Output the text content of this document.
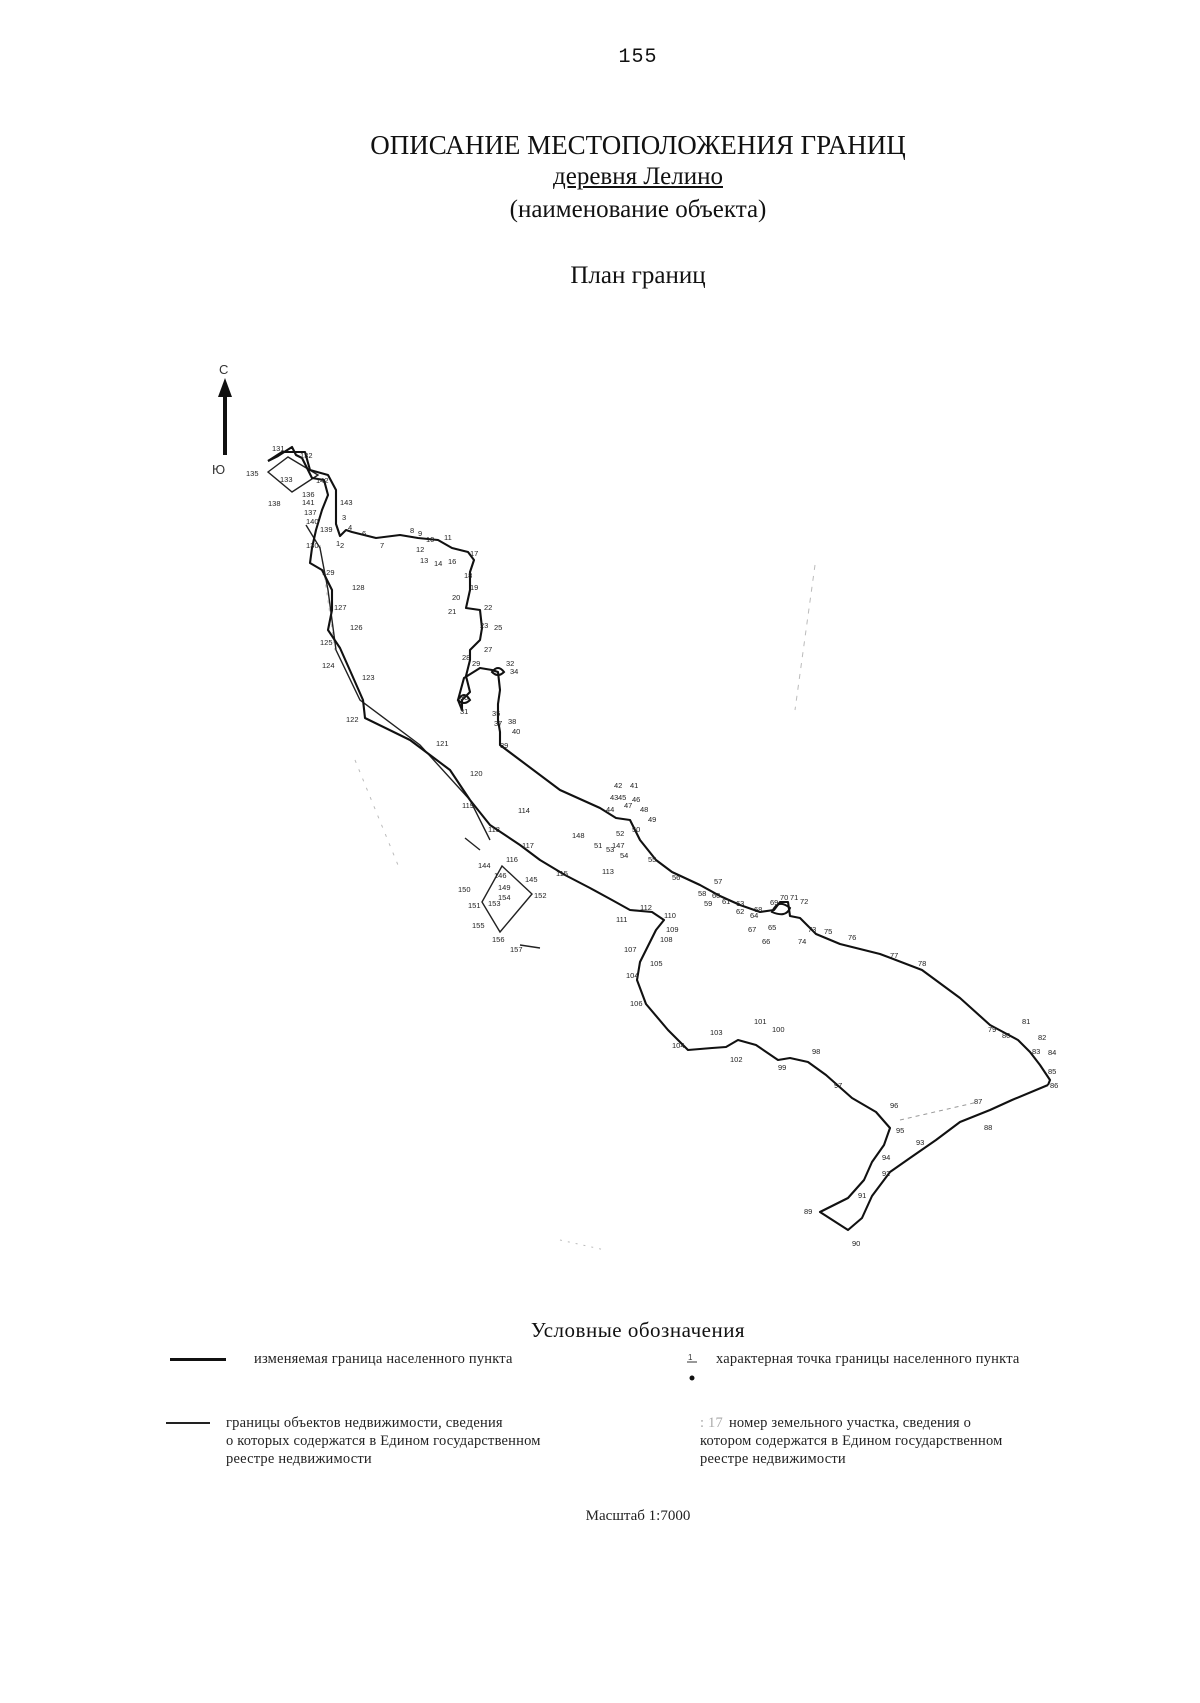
155
ОПИСАНИЕ МЕСТОПОЛОЖЕНИЯ ГРАНИЦ
деревня Лелино
(наименование объекта)
План границ
С
Ю	135
131
132
133	142
138
136
143
141
137
140	3
4
139
130 1
129
128
127
126
125
124
123
122
121
120
119
114
118
117
116
144
146 145
115
152
149
150
153
151
154
155
156
157
148
147
113
112
111	110
109
108
107
105
104
106
104
103
102
101
100
98
99
97
96
95
94
92
91
89
90
93
87
88
86
85
84
83
82
81
80
79
78
77
76
75
74
73
72
71
70
69
68
67
66
65
64
63
62
61
60
59
58
57
56
55
54
53
52
51
50
49
48
47
46
45
44
43
42 41
40
39
38
37
35
34
32
31
30
29
28
27
25
23
22
21
20
19
18
17
16
14
13
12
11
10
9
8
7
6
2
Условные обозначения
изменяемая граница населенного пункта	1 характерная точка границы населенного пункта
границы объектов недвижимости, сведения
о которых содержатся в Едином государственном
реестре недвижимости
: 17 номер земельного участка, сведения о
котором содержатся в Едином государственном
реестре недвижимости
Масштаб 1:7000
